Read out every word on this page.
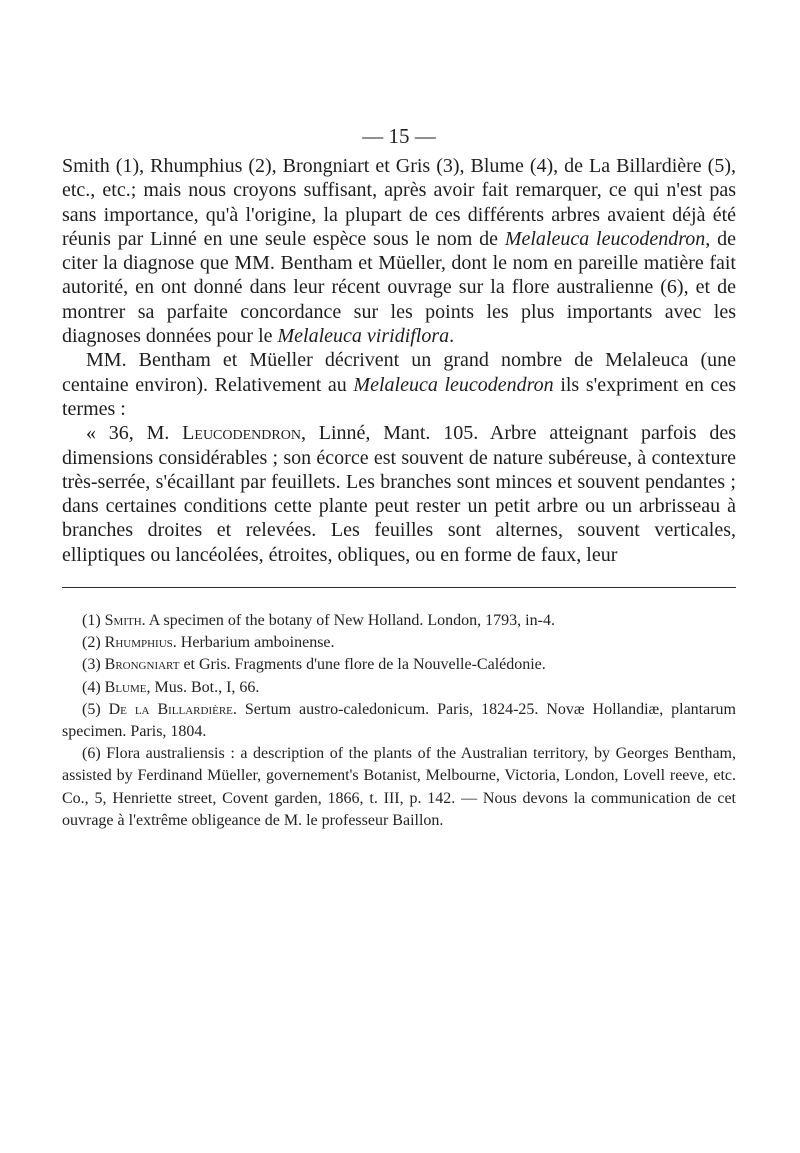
— 15 —

Smith (1), Rhumphius (2), Brongniart et Gris (3), Blume (4), de La Billardière (5), etc., etc.; mais nous croyons suffisant, après avoir fait remarquer, ce qui n'est pas sans importance, qu'à l'origine, la plupart de ces différents arbres avaient déjà été réunis par Linné en une seule espèce sous le nom de Melaleuca leucodendron, de citer la diagnose que MM. Bentham et Müeller, dont le nom en pareille matière fait autorité, en ont donné dans leur récent ouvrage sur la flore australienne (6), et de montrer sa parfaite concordance sur les points les plus importants avec les diagnoses données pour le Melaleuca viridiflora.

MM. Bentham et Müeller décrivent un grand nombre de Melaleuca (une centaine environ). Relativement au Melaleuca leucodendron ils s'expriment en ces termes :

« 36, M. Leucodendron, Linné, Mant. 105. Arbre atteignant parfois des dimensions considérables ; son écorce est souvent de nature subéreuse, à contexture très-serrée, s'écaillant par feuillets. Les branches sont minces et souvent pendantes ; dans certaines conditions cette plante peut rester un petit arbre ou un arbrisseau à branches droites et relevées. Les feuilles sont alternes, souvent verticales, elliptiques ou lancéolées, étroites, obliques, ou en forme de faux, leur

(1) Smith. A specimen of the botany of New Holland. London, 1793, in-4.

(2) Rhumphius. Herbarium amboinense.

(3) Brongniart et Gris. Fragments d'une flore de la Nouvelle-Calédonie.

(4) Blume, Mus. Bot., I, 66.

(5) De la Billardière. Sertum austro-caledonicum. Paris, 1824-25. Novæ Hollandiæ, plantarum specimen. Paris, 1804.

(6) Flora australiensis : a description of the plants of the Australian territory, by Georges Bentham, assisted by Ferdinand Müeller, governement's Botanist, Melbourne, Victoria, London, Lovell reeve, etc. Co., 5, Henriette street, Covent garden, 1866, t. III, p. 142. — Nous devons la communication de cet ouvrage à l'extrême obligeance de M. le professeur Baillon.
